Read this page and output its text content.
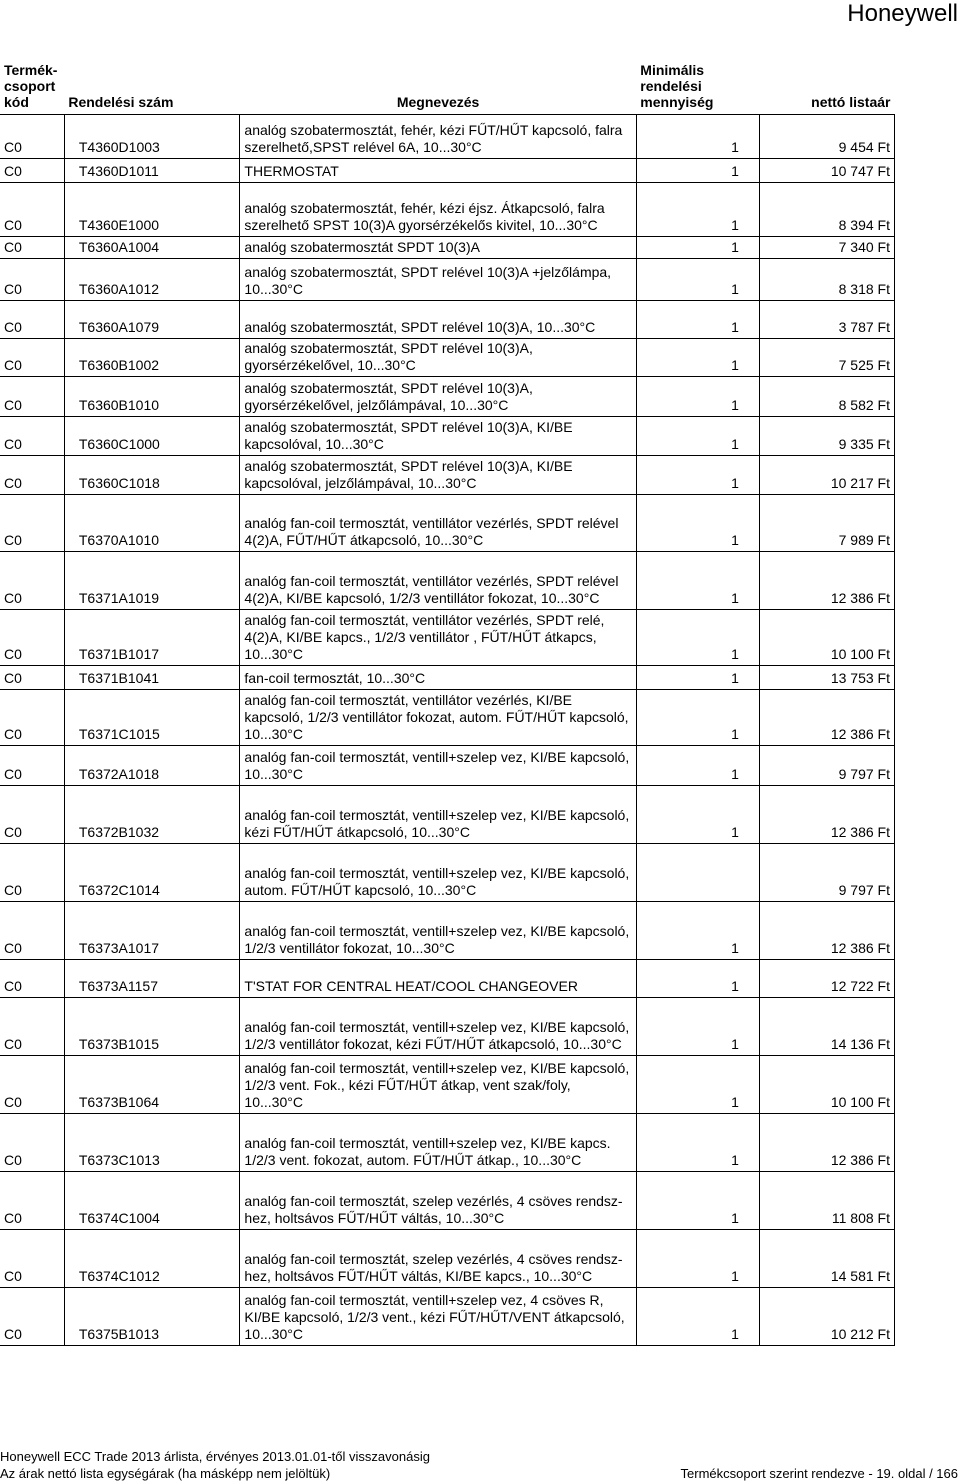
Honeywell
Termék-
csoport
kód	Rendelési szám	Megnevezés	Minimális
rendelési
mennyiség	nettó listaár
C0	T4360D1003	analóg szobatermosztát, fehér, kézi FŰT/HŰT kapcsoló, falra szerelhető,SPST relével 6A, 10...30°C	1	9 454 Ft
C0	T4360D1011	THERMOSTAT	1	10 747 Ft
C0	T4360E1000	analóg szobatermosztát, fehér, kézi éjsz. Átkapcsoló, falra szerelhető SPST 10(3)A gyorsérzékelős kivitel, 10...30°C	1	8 394 Ft
C0	T6360A1004	analóg szobatermosztát SPDT 10(3)A	1	7 340 Ft
C0	T6360A1012	analóg szobatermosztát, SPDT relével 10(3)A +jelzőlámpa, 10...30°C	1	8 318 Ft
C0	T6360A1079	analóg szobatermosztát, SPDT relével 10(3)A, 10...30°C	1	3 787 Ft
C0	T6360B1002	analóg szobatermosztát, SPDT relével 10(3)A, gyorsérzékelővel, 10...30°C	1	7 525 Ft
C0	T6360B1010	analóg szobatermosztát, SPDT relével 10(3)A, gyorsérzékelővel, jelzőlámpával, 10...30°C	1	8 582 Ft
C0	T6360C1000	analóg szobatermosztát, SPDT relével 10(3)A, KI/BE kapcsolóval, 10...30°C	1	9 335 Ft
C0	T6360C1018	analóg szobatermosztát, SPDT relével 10(3)A, KI/BE kapcsolóval, jelzőlámpával, 10...30°C	1	10 217 Ft
C0	T6370A1010	analóg fan-coil termosztát, ventillátor vezérlés, SPDT relével 4(2)A, FŰT/HŰT átkapcsoló, 10...30°C	1	7 989 Ft
C0	T6371A1019	analóg fan-coil termosztát, ventillátor vezérlés, SPDT relével 4(2)A, KI/BE kapcsoló, 1/2/3 ventillátor fokozat, 10...30°C	1	12 386 Ft
C0	T6371B1017	analóg fan-coil termosztát, ventillátor vezérlés, SPDT relé, 4(2)A, KI/BE kapcs., 1/2/3 ventillátor , FŰT/HŰT átkapcs, 10...30°C	1	10 100 Ft
C0	T6371B1041	fan-coil termosztát, 10...30°C	1	13 753 Ft
C0	T6371C1015	analóg fan-coil termosztát, ventillátor vezérlés, KI/BE kapcsoló, 1/2/3 ventillátor fokozat, autom. FŰT/HŰT kapcsoló, 10...30°C	1	12 386 Ft
C0	T6372A1018	analóg fan-coil termosztát, ventill+szelep vez, KI/BE kapcsoló, 10...30°C	1	9 797 Ft
C0	T6372B1032	analóg fan-coil termosztát, ventill+szelep vez, KI/BE kapcsoló, kézi FŰT/HŰT átkapcsoló, 10...30°C	1	12 386 Ft
C0	T6372C1014	analóg fan-coil termosztát, ventill+szelep vez, KI/BE kapcsoló, autom. FŰT/HŰT kapcsoló, 10...30°C		9 797 Ft
C0	T6373A1017	analóg fan-coil termosztát, ventill+szelep vez, KI/BE kapcsoló, 1/2/3 ventillátor fokozat, 10...30°C	1	12 386 Ft
C0	T6373A1157	T'STAT FOR CENTRAL HEAT/COOL CHANGEOVER	1	12 722 Ft
C0	T6373B1015	analóg fan-coil termosztát, ventill+szelep vez, KI/BE kapcsoló, 1/2/3 ventillátor fokozat, kézi FŰT/HŰT átkapcsoló, 10...30°C	1	14 136 Ft
C0	T6373B1064	analóg fan-coil termosztát, ventill+szelep vez, KI/BE kapcsoló, 1/2/3 vent. Fok., kézi FŰT/HŰT átkap, vent szak/foly, 10...30°C	1	10 100 Ft
C0	T6373C1013	analóg fan-coil termosztát, ventill+szelep vez, KI/BE kapcs. 1/2/3 vent. fokozat, autom. FŰT/HŰT átkap., 10...30°C	1	12 386 Ft
C0	T6374C1004	analóg fan-coil termosztát, szelep vezérlés, 4 csöves rendsz-hez, holtsávos FŰT/HŰT váltás, 10...30°C	1	11 808 Ft
C0	T6374C1012	analóg fan-coil termosztát, szelep vezérlés, 4 csöves rendsz-hez, holtsávos FŰT/HŰT váltás, KI/BE kapcs., 10...30°C	1	14 581 Ft
C0	T6375B1013	analóg fan-coil termosztát, ventill+szelep vez, 4 csöves R, KI/BE kapcsoló, 1/2/3 vent., kézi FŰT/HŰT/VENT átkapcsoló, 10...30°C	1	10 212 Ft
Honeywell ECC Trade 2013 árlista, érvényes 2013.01.01-től visszavonásig
Az árak nettó lista egységárak (ha másképp nem jelöltük)	Termékcsoport szerint rendezve - 19. oldal / 166
